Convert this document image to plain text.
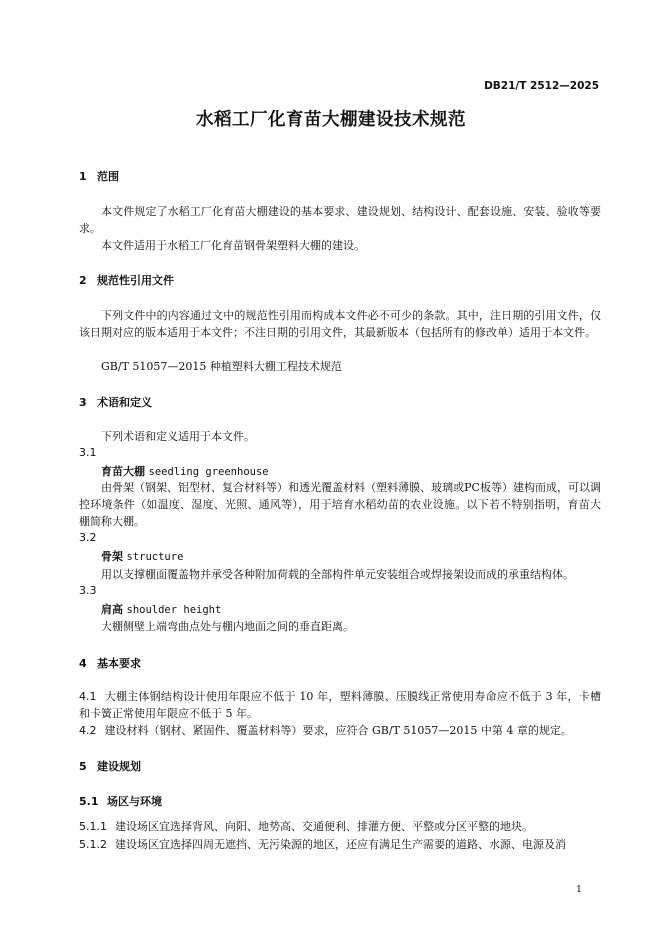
DB21/T 2512—2025
水稻工厂化育苗大棚建设技术规范
1 范围
本文件规定了水稻工厂化育苗大棚建设的基本要求、建设规划、结构设计、配套设施、安装、验收等要求。
本文件适用于水稻工厂化育苗钢骨架塑料大棚的建设。
2 规范性引用文件
下列文件中的内容通过文中的规范性引用而构成本文件必不可少的条款。其中，注日期的引用文件，仅该日期对应的版本适用于本文件；不注日期的引用文件，其最新版本（包括所有的修改单）适用于本文件。
GB/T 51057—2015 种植塑料大棚工程技术规范
3 术语和定义
下列术语和定义适用于本文件。
3.1
育苗大棚 seedling greenhouse
由骨架（钢架、铝型材、复合材料等）和透光覆盖材料（塑料薄膜、玻璃或PC板等）建构而成，可以调控环境条件（如温度、湿度、光照、通风等），用于培育水稻幼苗的农业设施。以下若不特别指明，育苗大棚简称大棚。
3.2
骨架 structure
用以支撑棚面覆盖物并承受各种附加荷载的全部构件单元安装组合或焊接架设而成的承重结构体。
3.3
肩高 shoulder height
大棚侧壁上端弯曲点处与棚内地面之间的垂直距离。
4 基本要求
4.1 大棚主体钢结构设计使用年限应不低于 10 年，塑料薄膜、压膜线正常使用寿命应不低于 3 年，卡槽和卡簧正常使用年限应不低于 5 年。
4.2 建设材料（钢材、紧固件、覆盖材料等）要求，应符合 GB/T 51057—2015 中第 4 章的规定。
5 建设规划
5.1 场区与环境
5.1.1 建设场区宜选择背风、向阳、地势高、交通便利、排灌方便、平整或分区平整的地块。
5.1.2 建设场区宜选择四周无遮挡、无污染源的地区，还应有满足生产需要的道路、水源、电源及消
1
